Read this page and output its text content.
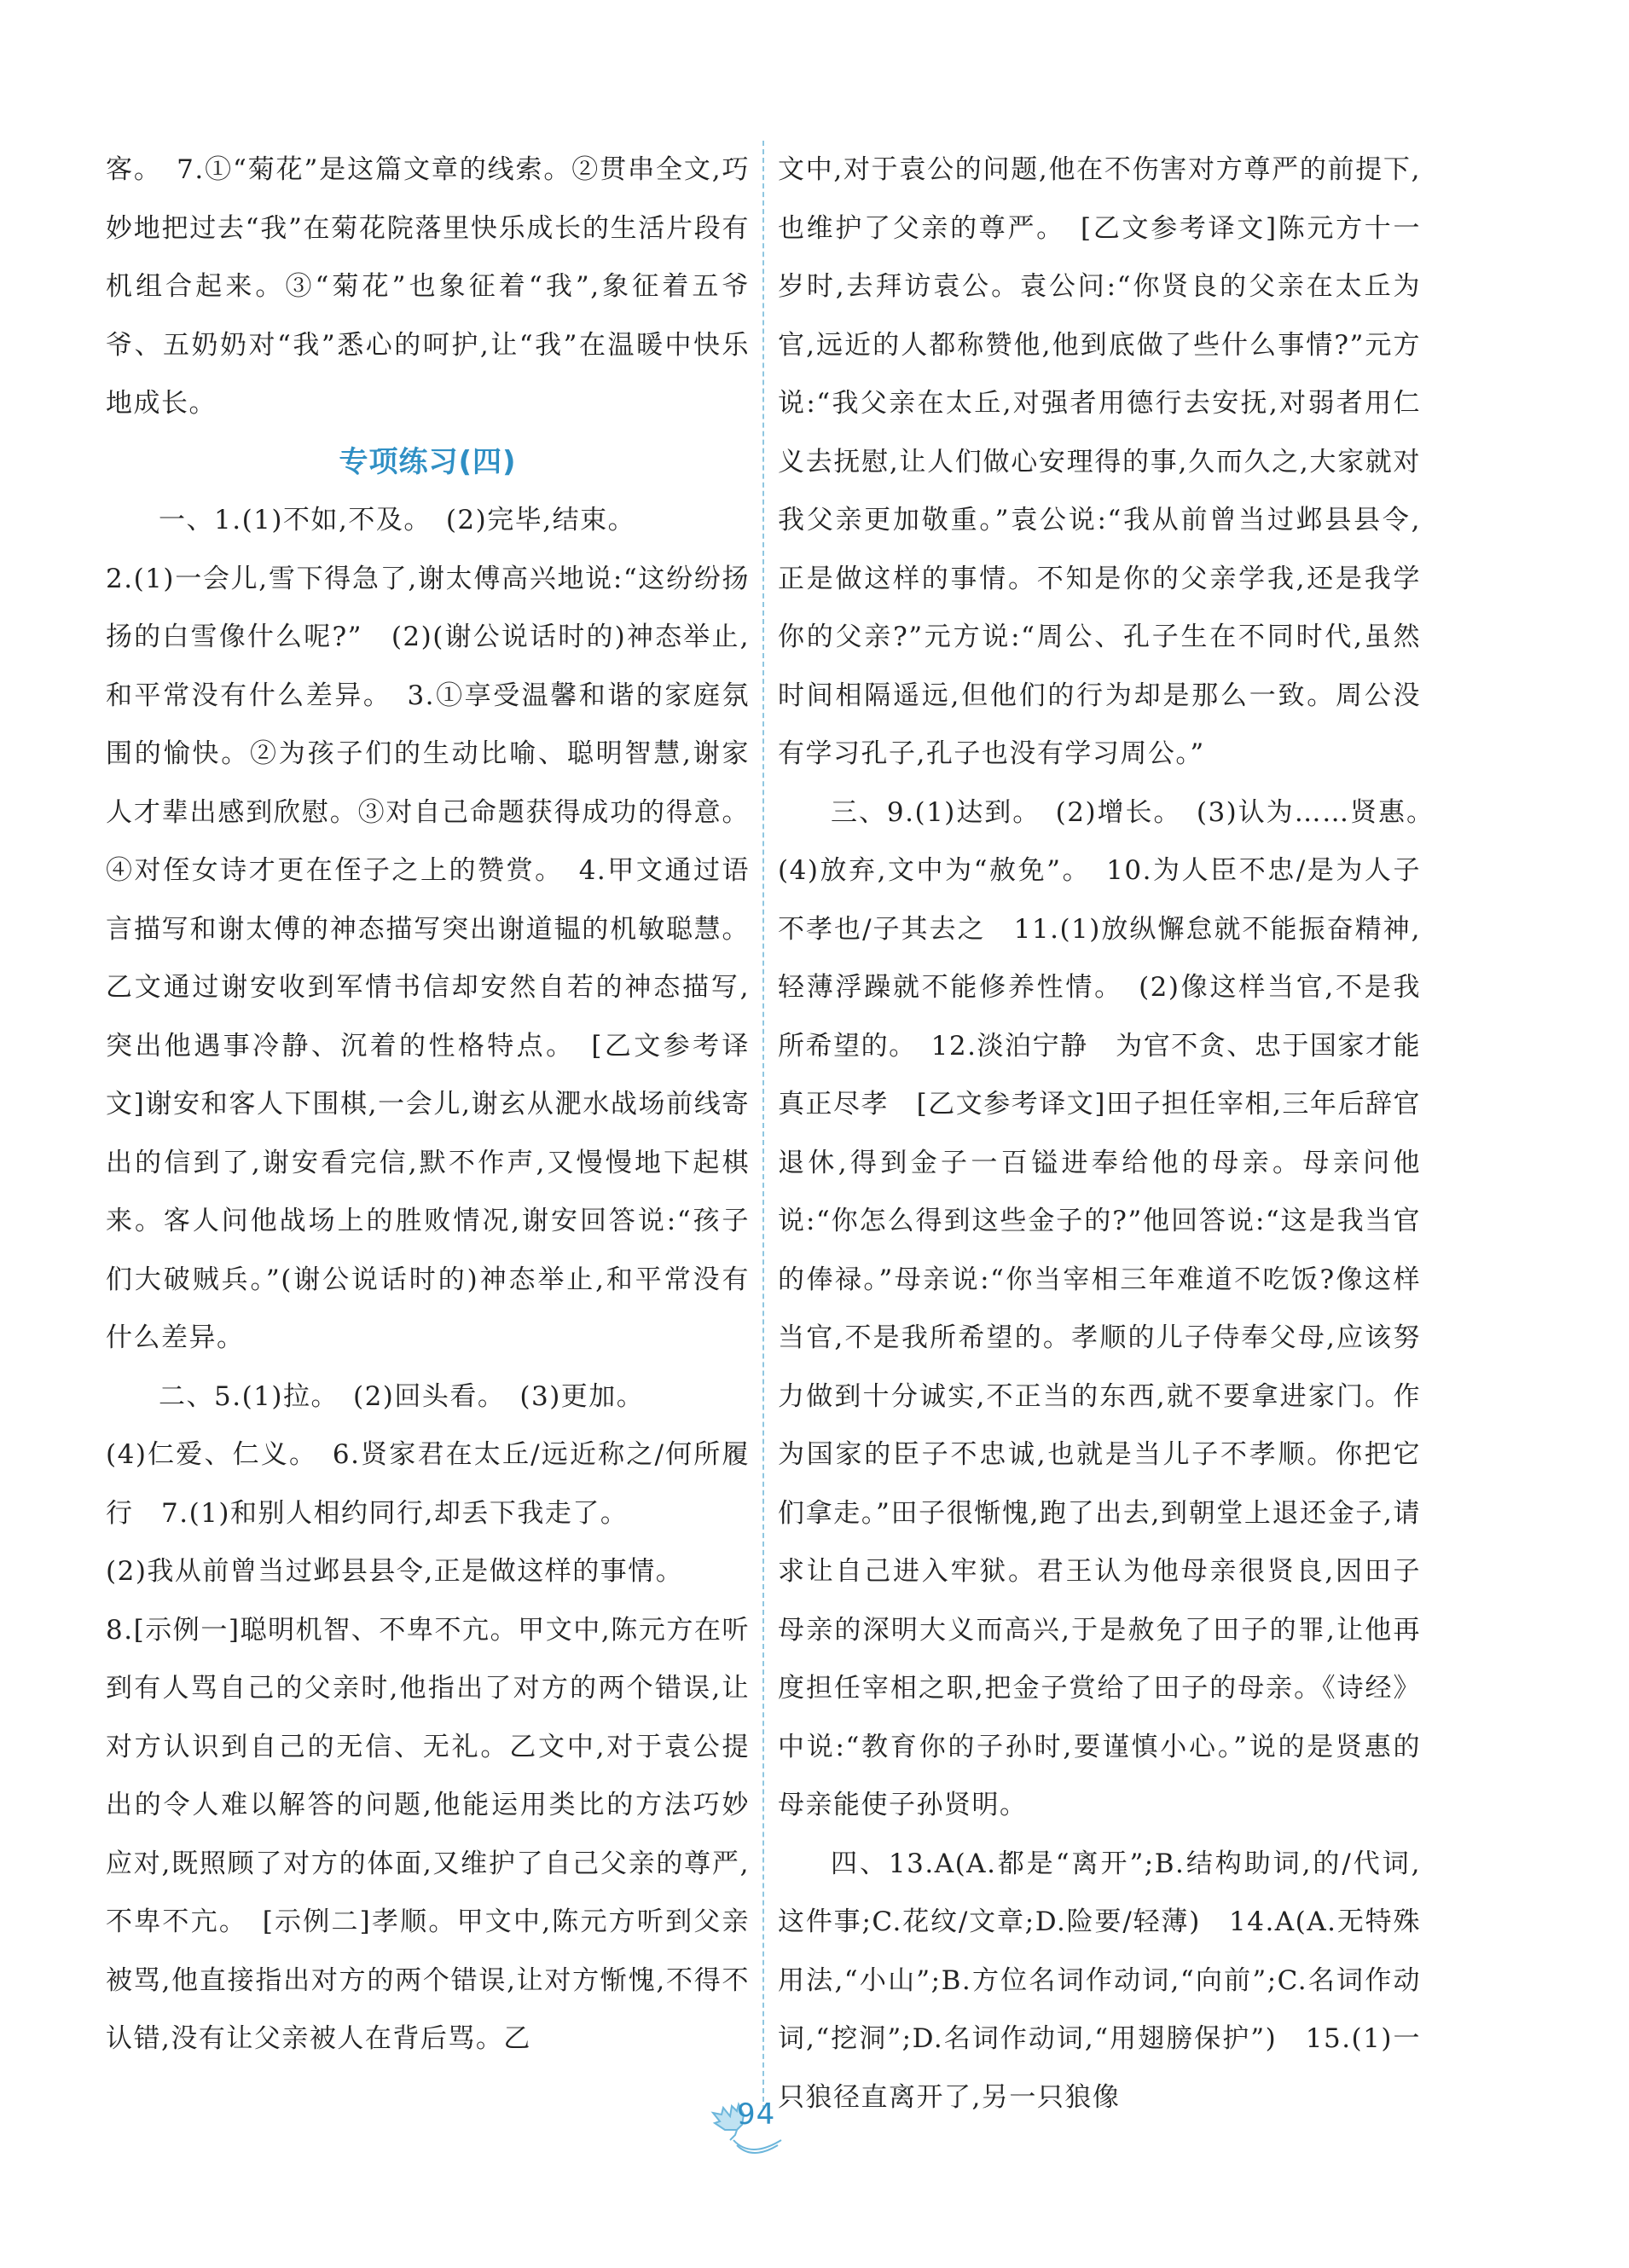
客。　7.①“菊花”是这篇文章的线索。②贯串全文,巧妙地把过去“我”在菊花院落里快乐成长的生活片段有机组合起来。③“菊花”也象征着“我”,象征着五爷爷、五奶奶对“我”悉心的呵护,让“我”在温暖中快乐地成长。

专项练习(四)

一、1.(1)不如,不及。　(2)完毕,结束。

2.(1)一会儿,雪下得急了,谢太傅高兴地说:“这纷纷扬扬的白雪像什么呢?”　(2)(谢公说话时的)神态举止,和平常没有什么差异。　3.①享受温馨和谐的家庭氛围的愉快。②为孩子们的生动比喻、聪明智慧,谢家人才辈出感到欣慰。③对自己命题获得成功的得意。④对侄女诗才更在侄子之上的赞赏。　4.甲文通过语言描写和谢太傅的神态描写突出谢道韫的机敏聪慧。乙文通过谢安收到军情书信却安然自若的神态描写,突出他遇事冷静、沉着的性格特点。　[乙文参考译文]谢安和客人下围棋,一会儿,谢玄从淝水战场前线寄出的信到了,谢安看完信,默不作声,又慢慢地下起棋来。客人问他战场上的胜败情况,谢安回答说:“孩子们大破贼兵。”(谢公说话时的)神态举止,和平常没有什么差异。

二、5.(1)拉。　(2)回头看。　(3)更加。

(4)仁爱、仁义。　6.贤家君在太丘/远近称之/何所履行　7.(1)和别人相约同行,却丢下我走了。

(2)我从前曾当过邺县县令,正是做这样的事情。

8.[示例一]聪明机智、不卑不亢。甲文中,陈元方在听到有人骂自己的父亲时,他指出了对方的两个错误,让对方认识到自己的无信、无礼。乙文中,对于袁公提出的令人难以解答的问题,他能运用类比的方法巧妙应对,既照顾了对方的体面,又维护了自己父亲的尊严,不卑不亢。　[示例二]孝顺。甲文中,陈元方听到父亲被骂,他直接指出对方的两个错误,让对方惭愧,不得不认错,没有让父亲被人在背后骂。乙

文中,对于袁公的问题,他在不伤害对方尊严的前提下,也维护了父亲的尊严。　[乙文参考译文]陈元方十一岁时,去拜访袁公。袁公问:“你贤良的父亲在太丘为官,远近的人都称赞他,他到底做了些什么事情?”元方说:“我父亲在太丘,对强者用德行去安抚,对弱者用仁义去抚慰,让人们做心安理得的事,久而久之,大家就对我父亲更加敬重。”袁公说:“我从前曾当过邺县县令,正是做这样的事情。不知是你的父亲学我,还是我学你的父亲?”元方说:“周公、孔子生在不同时代,虽然时间相隔遥远,但他们的行为却是那么一致。周公没有学习孔子,孔子也没有学习周公。”

三、9.(1)达到。　(2)增长。　(3)认为……贤惠。　(4)放弃,文中为“赦免”。　10.为人臣不忠/是为人子不孝也/子其去之　11.(1)放纵懈怠就不能振奋精神,轻薄浮躁就不能修养性情。　(2)像这样当官,不是我所希望的。　12.淡泊宁静　为官不贪、忠于国家才能真正尽孝　[乙文参考译文]田子担任宰相,三年后辞官退休,得到金子一百镒进奉给他的母亲。母亲问他说:“你怎么得到这些金子的?”他回答说:“这是我当官的俸禄。”母亲说:“你当宰相三年难道不吃饭?像这样当官,不是我所希望的。孝顺的儿子侍奉父母,应该努力做到十分诚实,不正当的东西,就不要拿进家门。作为国家的臣子不忠诚,也就是当儿子不孝顺。你把它们拿走。”田子很惭愧,跑了出去,到朝堂上退还金子,请求让自己进入牢狱。君王认为他母亲很贤良,因田子母亲的深明大义而高兴,于是赦免了田子的罪,让他再度担任宰相之职,把金子赏给了田子的母亲。《诗经》中说:“教育你的子孙时,要谨慎小心。”说的是贤惠的母亲能使子孙贤明。

四、13.A(A.都是“离开”;B.结构助词,的/代词,这件事;C.花纹/文章;D.险要/轻薄)　14.A(A.无特殊用法,“小山”;B.方位名词作动词,“向前”;C.名词作动词,“挖洞”;D.名词作动词,“用翅膀保护”)　15.(1)一只狼径直离开了,另一只狼像

94
